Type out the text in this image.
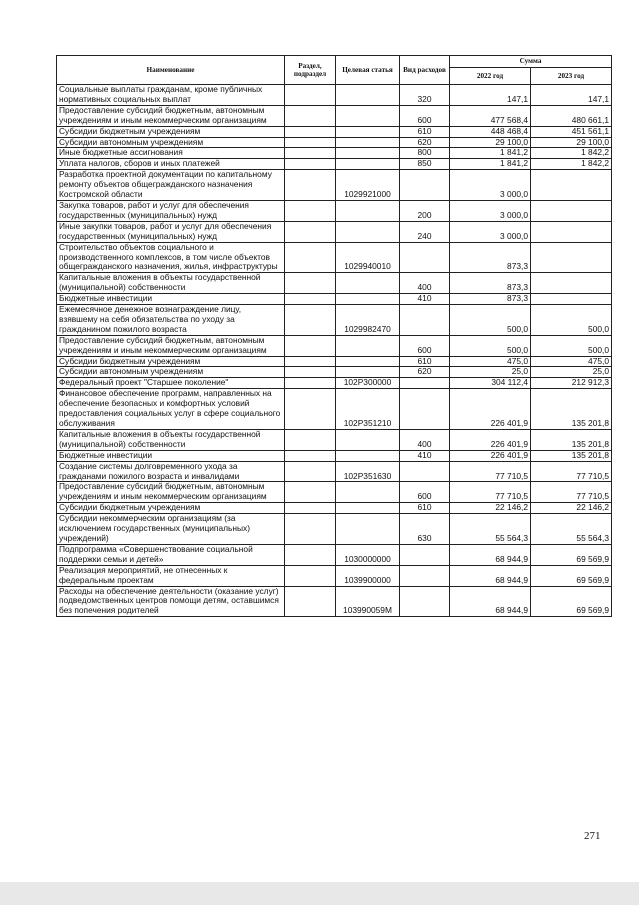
Наименование	Раздел, подраздел	Целевая статья	Вид расходов	Сумма	
				2022 год	2023 год
Социальные выплаты гражданам, кроме публичных нормативных социальных выплат			320	147,1	147,1
Предоставление субсидий бюджетным, автономным учреждениям и иным некоммерческим организациям			600	477 568,4	480 661,1
Субсидии бюджетным учреждениям			610	448 468,4	451 561,1
Субсидии автономным учреждениям			620	29 100,0	29 100,0
Иные бюджетные ассигнования			800	1 841,2	1 842,2
Уплата налогов, сборов и иных платежей			850	1 841,2	1 842,2
Разработка проектной документации по капитальному ремонту объектов общегражданского назначения Костромской области		1029921000		3 000,0	
Закупка товаров, работ и услуг для обеспечения государственных (муниципальных) нужд			200	3 000,0	
Иные закупки товаров, работ и услуг для обеспечения государственных (муниципальных) нужд			240	3 000,0	
Строительство объектов социального и производственного комплексов, в том числе объектов общегражданского назначения, жилья, инфраструктуры		1029940010		873,3	
Капитальные вложения в объекты государственной (муниципальной) собственности			400	873,3	
Бюджетные инвестиции			410	873,3	
Ежемесячное денежное вознаграждение лицу, взявшему на себя обязательства по уходу за гражданином пожилого возраста		1029982470		500,0	500,0
Предоставление субсидий бюджетным, автономным учреждениям и иным некоммерческим организациям			600	500,0	500,0
Субсидии бюджетным учреждениям			610	475,0	475,0
Субсидии автономным учреждениям			620	25,0	25,0
Федеральный проект "Старшее поколение"		102P300000		304 112,4	212 912,3
Финансовое обеспечение программ, направленных на обеспечение безопасных и комфортных условий предоставления социальных услуг в сфере социального обслуживания		102P351210		226 401,9	135 201,8
Капитальные вложения в объекты государственной (муниципальной) собственности			400	226 401,9	135 201,8
Бюджетные инвестиции			410	226 401,9	135 201,8
Создание системы долговременного ухода за гражданами пожилого возраста и инвалидами		102P351630		77 710,5	77 710,5
Предоставление субсидий бюджетным, автономным учреждениям и иным некоммерческим организациям			600	77 710,5	77 710,5
Субсидии бюджетным учреждениям			610	22 146,2	22 146,2
Субсидии некоммерческим организациям (за исключением государственных (муниципальных) учреждений)			630	55 564,3	55 564,3
Подпрограмма «Совершенствование социальной поддержки семьи и детей»		1030000000		68 944,9	69 569,9
Реализация мероприятий, не отнесенных к федеральным проектам		1039900000		68 944,9	69 569,9
Расходы на обеспечение деятельности (оказание услуг) подведомственных центров помощи детям, оставшимся без попечения родителей		103990059М		68 944,9	69 569,9
271
